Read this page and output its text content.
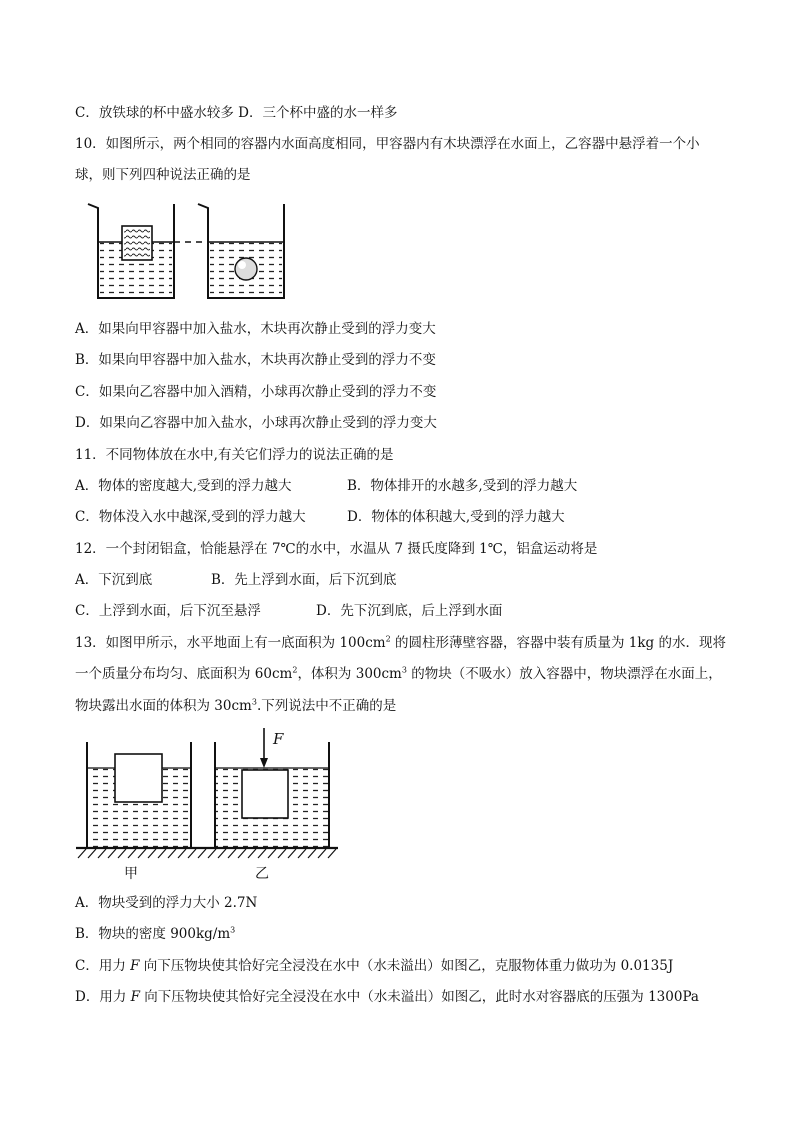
C．放铁球的杯中盛水较多 D．三个杯中盛的水一样多
10．如图所示，两个相同的容器内水面高度相同，甲容器内有木块漂浮在水面上，乙容器中悬浮着一个小
球，则下列四种说法正确的是
A．如果向甲容器中加入盐水，木块再次静止受到的浮力变大
B．如果向甲容器中加入盐水，木块再次静止受到的浮力不变
C．如果向乙容器中加入酒精，小球再次静止受到的浮力不变
D．如果向乙容器中加入盐水，小球再次静止受到的浮力变大
11．不同物体放在水中,有关它们浮力的说法正确的是
A．物体的密度越大,受到的浮力越大	B．物体排开的水越多,受到的浮力越大
C．物体没入水中越深,受到的浮力越大	D．物体的体积越大,受到的浮力越大
12．一个封闭铝盒，恰能悬浮在 7℃的水中，水温从 7 摄氏度降到 1℃，铝盒运动将是
A．下沉到底	B．先上浮到水面，后下沉到底
C．上浮到水面，后下沉至悬浮	D．先下沉到底，后上浮到水面
13．如图甲所示，水平地面上有一底面积为 $100cm^2$ 的圆柱形薄壁容器，容器中装有质量为 1kg 的水．现将
一个质量分布均匀、底面积为 $60cm^2$，体积为 $300cm^3$ 的物块（不吸水）放入容器中，物块漂浮在水面上，
物块露出水面的体积为 $30cm^3$.下列说法中不正确的是
F
甲	乙
A．物块受到的浮力大小 2.7N
B．物块的密度 $900kg/m^3$
C．用力 F 向下压物块使其恰好完全浸没在水中（水未溢出）如图乙，克服物体重力做功为 0.0135J
D．用力 F 向下压物块使其恰好完全浸没在水中（水未溢出）如图乙，此时水对容器底的压强为 1300Pa
